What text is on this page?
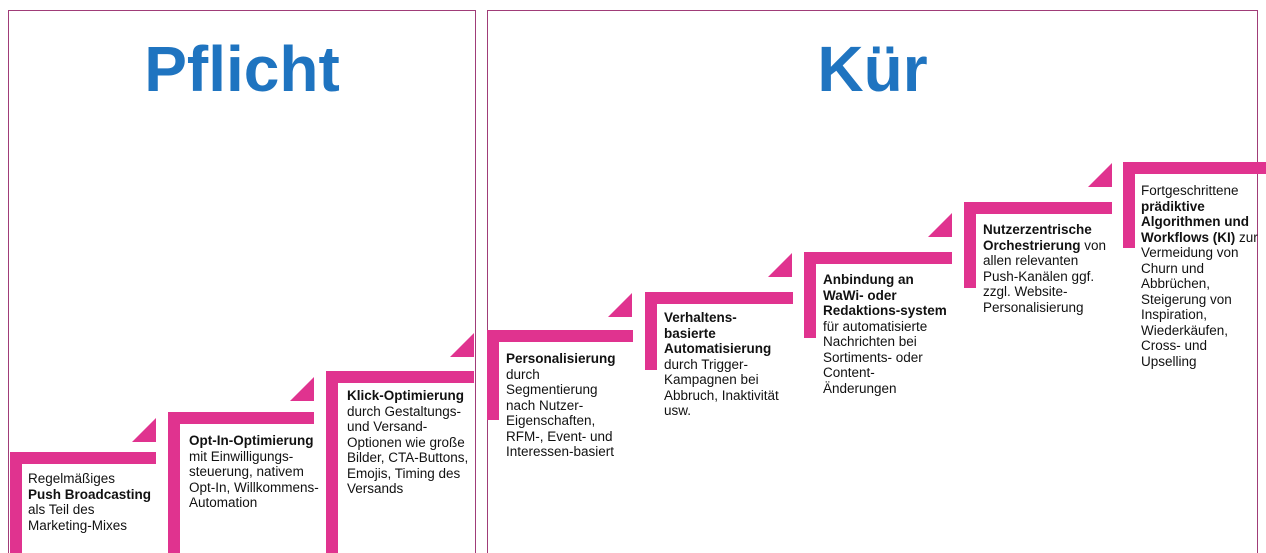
Pflicht	Kür
Regelmäßiges
Push Broadcasting als Teil des Marketing-Mixes
Opt-In-Optimierung mit Einwilligungs-steuerung, nativem Opt-In, Willkommens-Automation
Klick-Optimierung durch Gestaltungs- und Versand-Optionen wie große Bilder, CTA-Buttons, Emojis, Timing des Versands
Personalisierung durch Segmentierung nach Nutzer-Eigenschaften, RFM-, Event- und Interessen-basiert
Verhaltens-basierte Automatisierung durch Trigger-Kampagnen bei Abbruch, Inaktivität usw.
Anbindung an WaWi- oder Redaktions-system für automatisierte Nachrichten bei Sortiments- oder Content-Änderungen
Nutzerzentrische Orchestrierung von allen relevanten Push-Kanälen ggf. zzgl. Website-Personalisierung
Fortgeschrittene
prädiktive Algorithmen und Workflows (KI) zur Vermeidung von Churn und Abbrüchen, Steigerung von Inspiration, Wiederkäufen, Cross- und Upselling
